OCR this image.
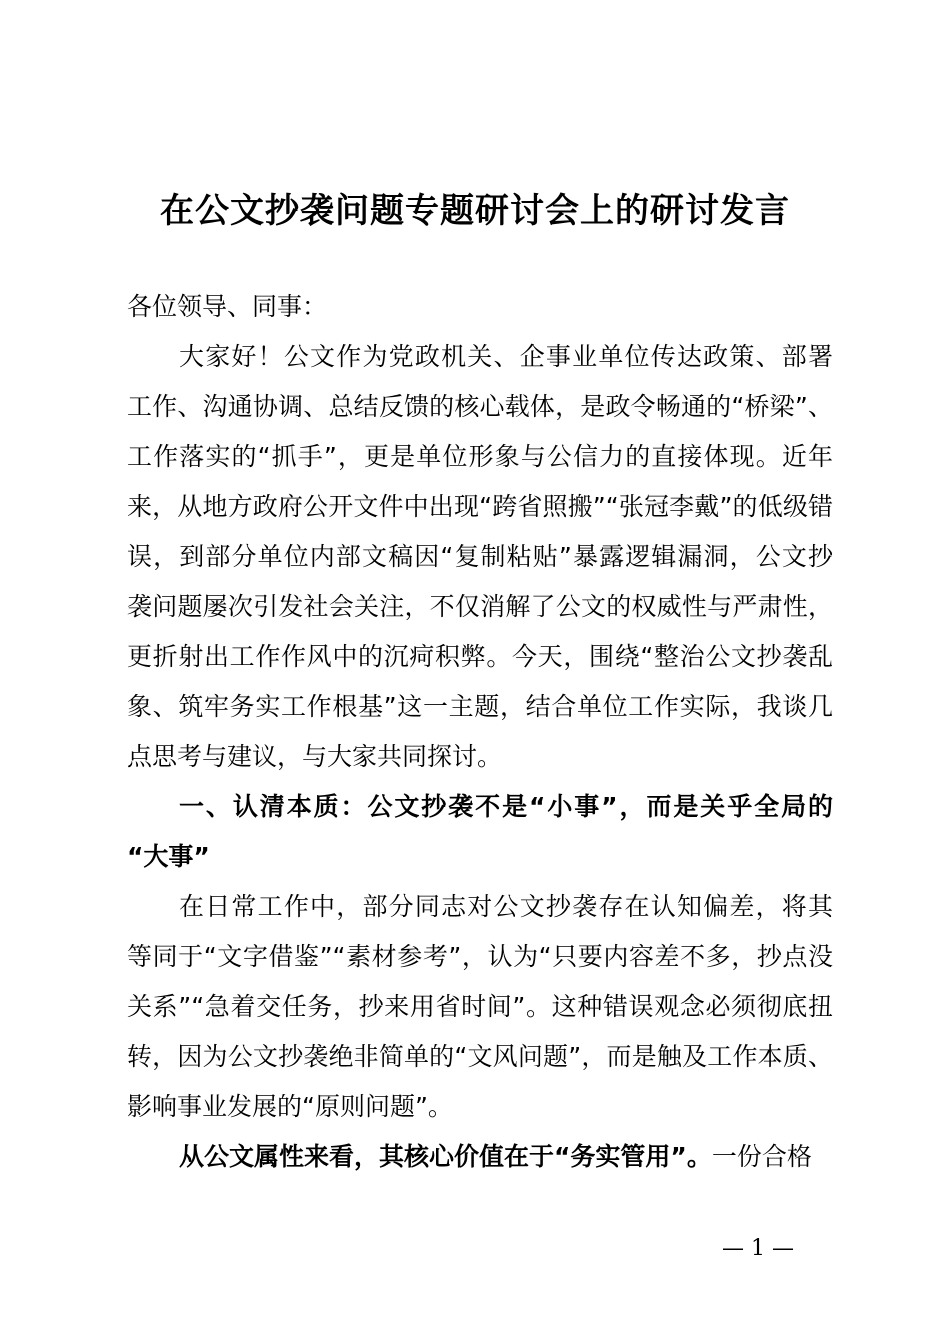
在公文抄袭问题专题研讨会上的研讨发言
各位领导、同事：
大家好！公文作为党政机关、企事业单位传达政策、部署
工作、沟通协调、总结反馈的核心载体，是政令畅通的“桥梁”、
工作落实的“抓手”，更是单位形象与公信力的直接体现。近年
来，从地方政府公开文件中出现“跨省照搬”“张冠李戴”的低级错
误，到部分单位内部文稿因“复制粘贴”暴露逻辑漏洞，公文抄
袭问题屡次引发社会关注，不仅消解了公文的权威性与严肃性，
更折射出工作作风中的沉疴积弊。今天，围绕“整治公文抄袭乱
象、筑牢务实工作根基”这一主题，结合单位工作实际，我谈几
点思考与建议，与大家共同探讨。
一、认清本质：公文抄袭不是“小事”，而是关乎全局的
“大事”
在日常工作中，部分同志对公文抄袭存在认知偏差，将其
等同于“文字借鉴”“素材参考”，认为“只要内容差不多，抄点没
关系”“急着交任务，抄来用省时间”。这种错误观念必须彻底扭
转，因为公文抄袭绝非简单的“文风问题”，而是触及工作本质、
影响事业发展的“原则问题”。
从公文属性来看，其核心价值在于“务实管用”。一份合格
— 1 —
